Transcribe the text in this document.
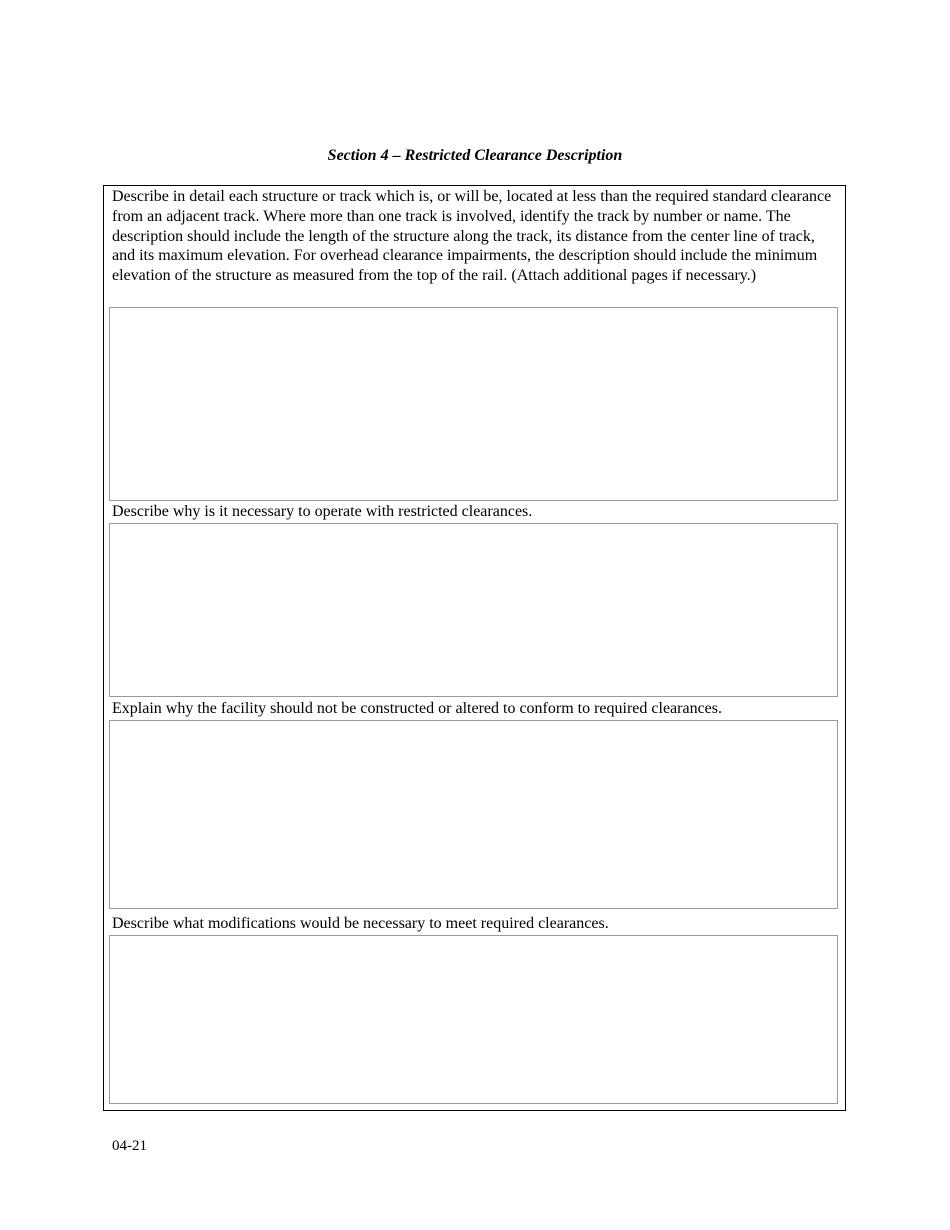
Section 4 – Restricted Clearance Description
Describe in detail each structure or track which is, or will be, located at less than the required standard clearance from an adjacent track. Where more than one track is involved, identify the track by number or name. The description should include the length of the structure along the track, its distance from the center line of track, and its maximum elevation. For overhead clearance impairments, the description should include the minimum elevation of the structure as measured from the top of the rail. (Attach additional pages if necessary.)
Describe why is it necessary to operate with restricted clearances.
Explain why the facility should not be constructed or altered to conform to required clearances.
Describe what modifications would be necessary to meet required clearances.
04-21
